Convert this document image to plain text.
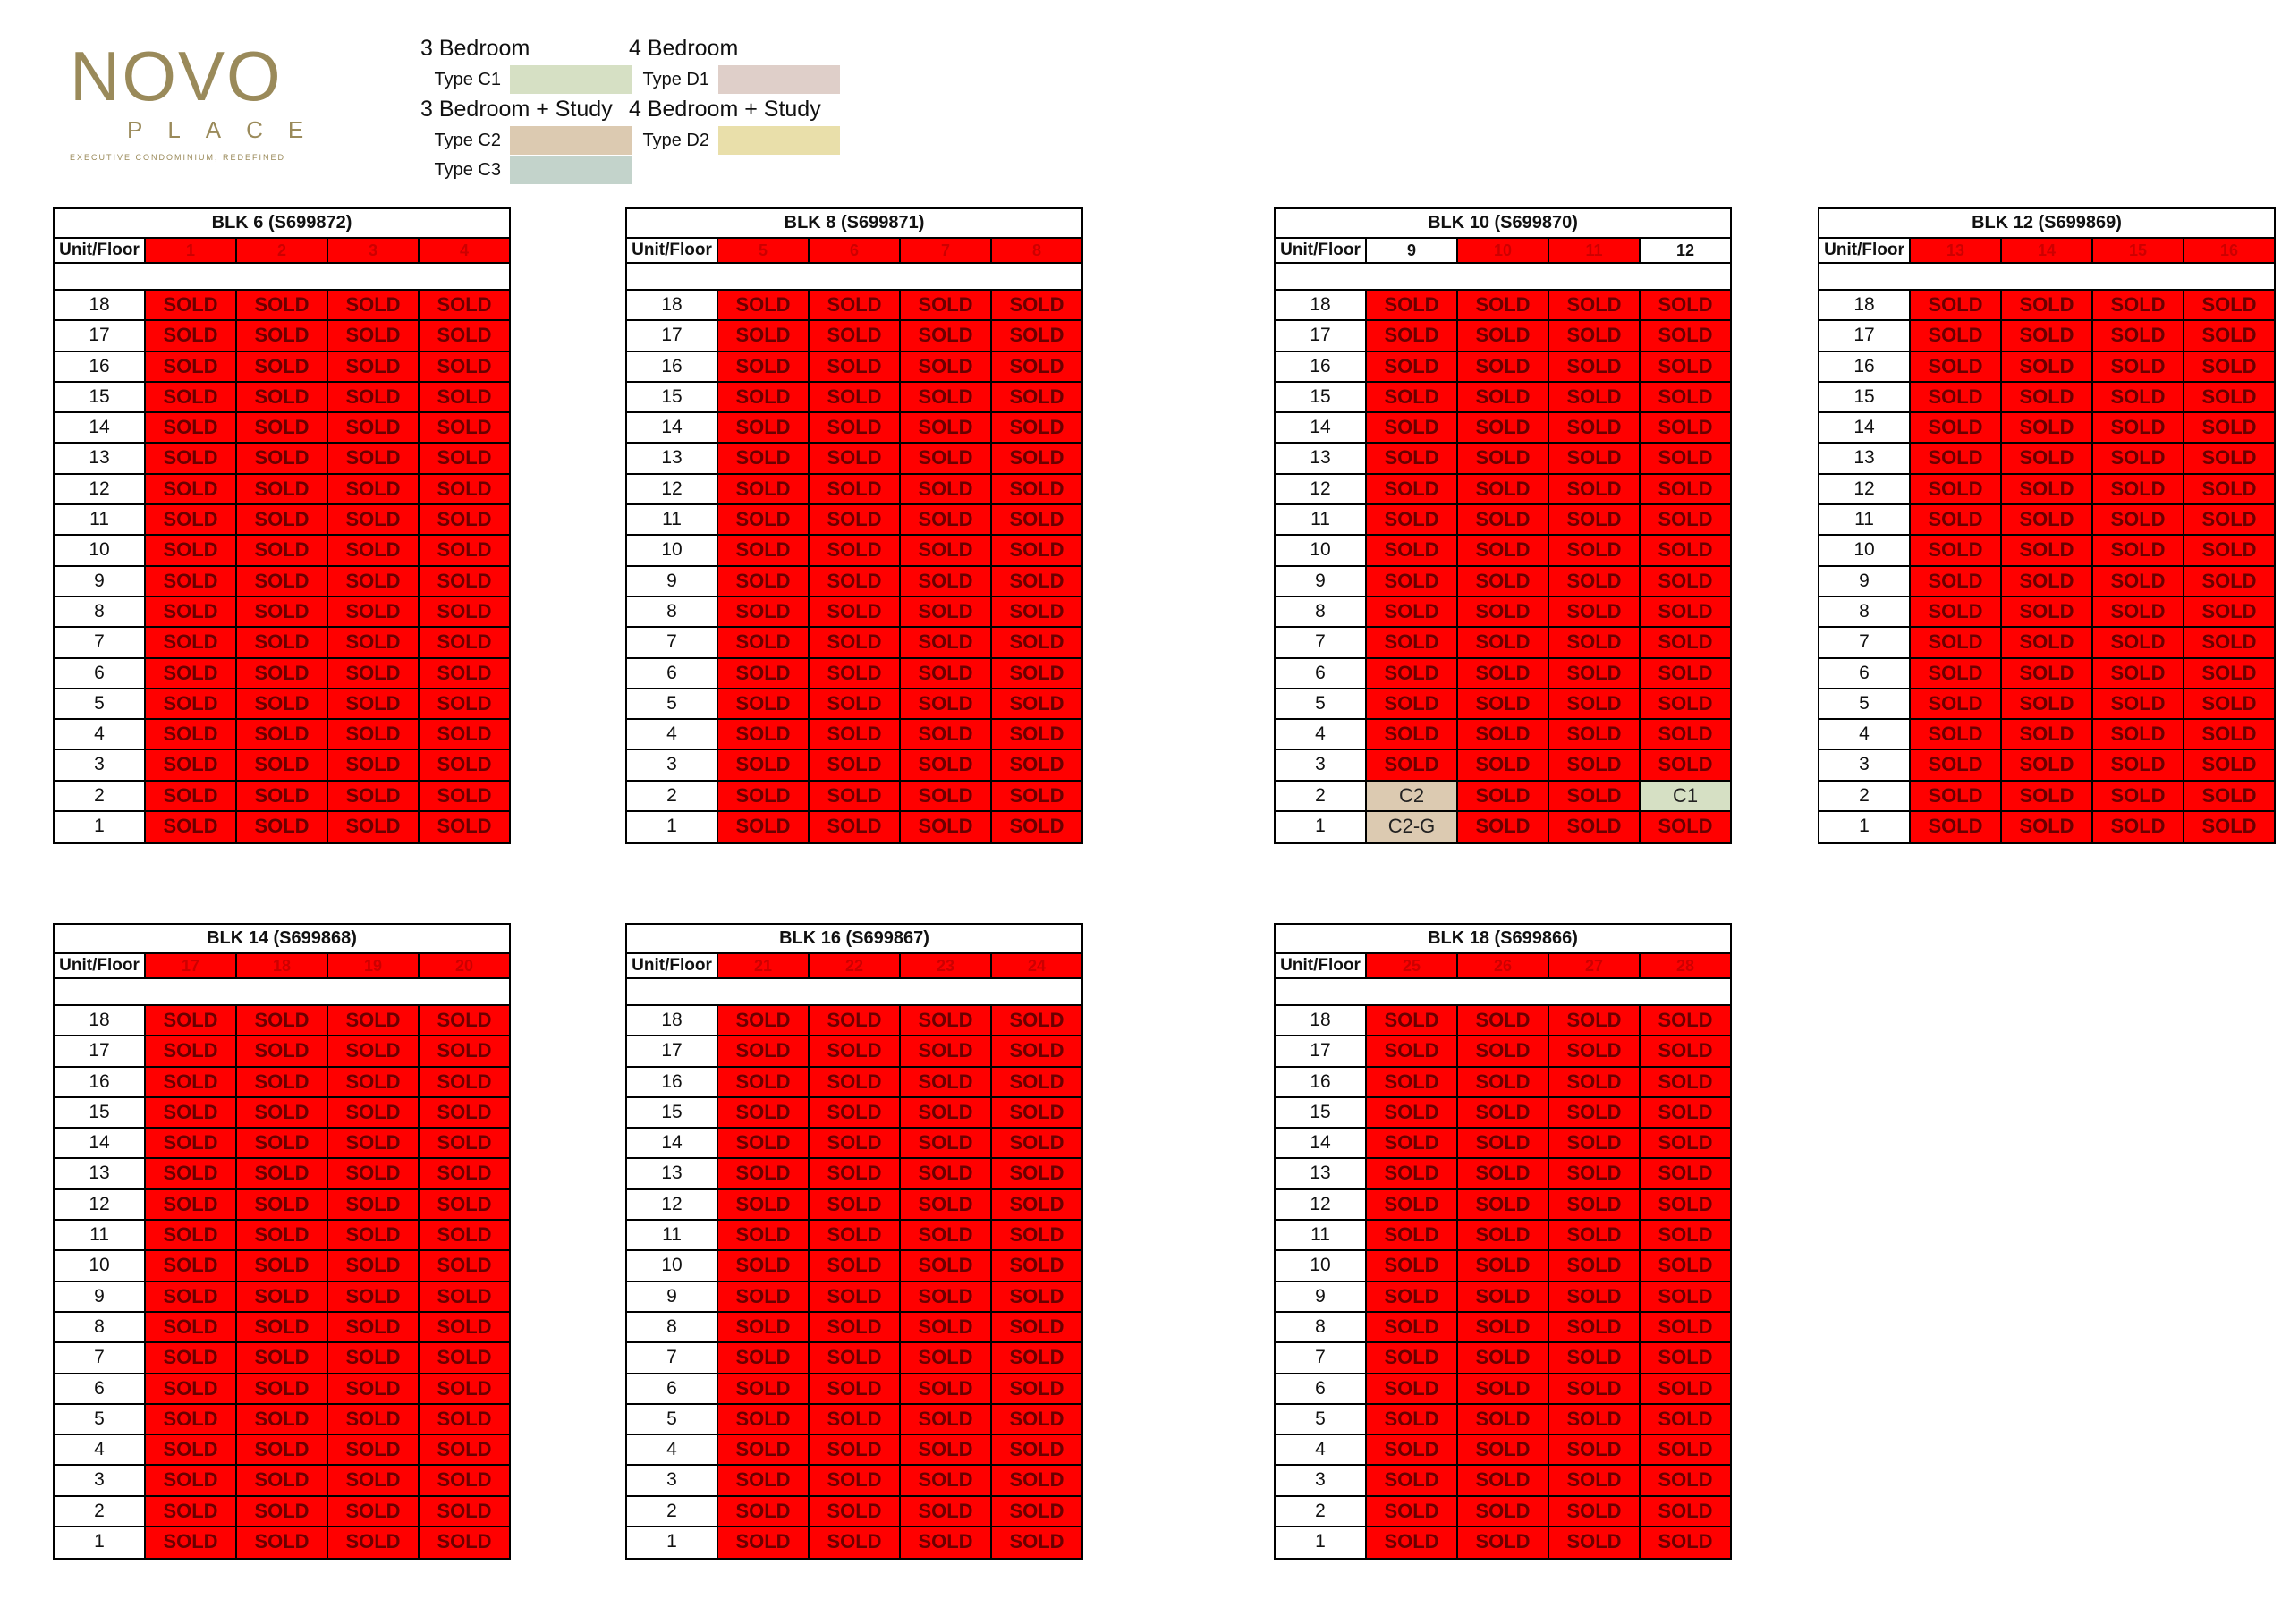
NOVO
PLACE
EXECUTIVE CONDOMINIUM, REDEFINED
3 Bedroom
Type C1
4 Bedroom
Type D1
3 Bedroom + Study
Type C2
Type C3
4 Bedroom + Study
Type D2
BLK 6 (S699872)
Unit/Floor	1	2	3	4
18	SOLD	SOLD	SOLD	SOLD
17	SOLD	SOLD	SOLD	SOLD
16	SOLD	SOLD	SOLD	SOLD
15	SOLD	SOLD	SOLD	SOLD
14	SOLD	SOLD	SOLD	SOLD
13	SOLD	SOLD	SOLD	SOLD
12	SOLD	SOLD	SOLD	SOLD
11	SOLD	SOLD	SOLD	SOLD
10	SOLD	SOLD	SOLD	SOLD
9	SOLD	SOLD	SOLD	SOLD
8	SOLD	SOLD	SOLD	SOLD
7	SOLD	SOLD	SOLD	SOLD
6	SOLD	SOLD	SOLD	SOLD
5	SOLD	SOLD	SOLD	SOLD
4	SOLD	SOLD	SOLD	SOLD
3	SOLD	SOLD	SOLD	SOLD
2	SOLD	SOLD	SOLD	SOLD
1	SOLD	SOLD	SOLD	SOLD
BLK 8 (S699871)
Unit/Floor	5	6	7	8
18	SOLD	SOLD	SOLD	SOLD
17	SOLD	SOLD	SOLD	SOLD
16	SOLD	SOLD	SOLD	SOLD
15	SOLD	SOLD	SOLD	SOLD
14	SOLD	SOLD	SOLD	SOLD
13	SOLD	SOLD	SOLD	SOLD
12	SOLD	SOLD	SOLD	SOLD
11	SOLD	SOLD	SOLD	SOLD
10	SOLD	SOLD	SOLD	SOLD
9	SOLD	SOLD	SOLD	SOLD
8	SOLD	SOLD	SOLD	SOLD
7	SOLD	SOLD	SOLD	SOLD
6	SOLD	SOLD	SOLD	SOLD
5	SOLD	SOLD	SOLD	SOLD
4	SOLD	SOLD	SOLD	SOLD
3	SOLD	SOLD	SOLD	SOLD
2	SOLD	SOLD	SOLD	SOLD
1	SOLD	SOLD	SOLD	SOLD
BLK 10 (S699870)
Unit/Floor	9	10	11	12
18	SOLD	SOLD	SOLD	SOLD
17	SOLD	SOLD	SOLD	SOLD
16	SOLD	SOLD	SOLD	SOLD
15	SOLD	SOLD	SOLD	SOLD
14	SOLD	SOLD	SOLD	SOLD
13	SOLD	SOLD	SOLD	SOLD
12	SOLD	SOLD	SOLD	SOLD
11	SOLD	SOLD	SOLD	SOLD
10	SOLD	SOLD	SOLD	SOLD
9	SOLD	SOLD	SOLD	SOLD
8	SOLD	SOLD	SOLD	SOLD
7	SOLD	SOLD	SOLD	SOLD
6	SOLD	SOLD	SOLD	SOLD
5	SOLD	SOLD	SOLD	SOLD
4	SOLD	SOLD	SOLD	SOLD
3	SOLD	SOLD	SOLD	SOLD
2	C2	SOLD	SOLD	C1
1	C2-G	SOLD	SOLD	SOLD
BLK 12 (S699869)
Unit/Floor	13	14	15	16
18	SOLD	SOLD	SOLD	SOLD
17	SOLD	SOLD	SOLD	SOLD
16	SOLD	SOLD	SOLD	SOLD
15	SOLD	SOLD	SOLD	SOLD
14	SOLD	SOLD	SOLD	SOLD
13	SOLD	SOLD	SOLD	SOLD
12	SOLD	SOLD	SOLD	SOLD
11	SOLD	SOLD	SOLD	SOLD
10	SOLD	SOLD	SOLD	SOLD
9	SOLD	SOLD	SOLD	SOLD
8	SOLD	SOLD	SOLD	SOLD
7	SOLD	SOLD	SOLD	SOLD
6	SOLD	SOLD	SOLD	SOLD
5	SOLD	SOLD	SOLD	SOLD
4	SOLD	SOLD	SOLD	SOLD
3	SOLD	SOLD	SOLD	SOLD
2	SOLD	SOLD	SOLD	SOLD
1	SOLD	SOLD	SOLD	SOLD
BLK 14 (S699868)
Unit/Floor	17	18	19	20
18	SOLD	SOLD	SOLD	SOLD
17	SOLD	SOLD	SOLD	SOLD
16	SOLD	SOLD	SOLD	SOLD
15	SOLD	SOLD	SOLD	SOLD
14	SOLD	SOLD	SOLD	SOLD
13	SOLD	SOLD	SOLD	SOLD
12	SOLD	SOLD	SOLD	SOLD
11	SOLD	SOLD	SOLD	SOLD
10	SOLD	SOLD	SOLD	SOLD
9	SOLD	SOLD	SOLD	SOLD
8	SOLD	SOLD	SOLD	SOLD
7	SOLD	SOLD	SOLD	SOLD
6	SOLD	SOLD	SOLD	SOLD
5	SOLD	SOLD	SOLD	SOLD
4	SOLD	SOLD	SOLD	SOLD
3	SOLD	SOLD	SOLD	SOLD
2	SOLD	SOLD	SOLD	SOLD
1	SOLD	SOLD	SOLD	SOLD
BLK 16 (S699867)
Unit/Floor	21	22	23	24
18	SOLD	SOLD	SOLD	SOLD
17	SOLD	SOLD	SOLD	SOLD
16	SOLD	SOLD	SOLD	SOLD
15	SOLD	SOLD	SOLD	SOLD
14	SOLD	SOLD	SOLD	SOLD
13	SOLD	SOLD	SOLD	SOLD
12	SOLD	SOLD	SOLD	SOLD
11	SOLD	SOLD	SOLD	SOLD
10	SOLD	SOLD	SOLD	SOLD
9	SOLD	SOLD	SOLD	SOLD
8	SOLD	SOLD	SOLD	SOLD
7	SOLD	SOLD	SOLD	SOLD
6	SOLD	SOLD	SOLD	SOLD
5	SOLD	SOLD	SOLD	SOLD
4	SOLD	SOLD	SOLD	SOLD
3	SOLD	SOLD	SOLD	SOLD
2	SOLD	SOLD	SOLD	SOLD
1	SOLD	SOLD	SOLD	SOLD
BLK 18 (S699866)
Unit/Floor	25	26	27	28
18	SOLD	SOLD	SOLD	SOLD
17	SOLD	SOLD	SOLD	SOLD
16	SOLD	SOLD	SOLD	SOLD
15	SOLD	SOLD	SOLD	SOLD
14	SOLD	SOLD	SOLD	SOLD
13	SOLD	SOLD	SOLD	SOLD
12	SOLD	SOLD	SOLD	SOLD
11	SOLD	SOLD	SOLD	SOLD
10	SOLD	SOLD	SOLD	SOLD
9	SOLD	SOLD	SOLD	SOLD
8	SOLD	SOLD	SOLD	SOLD
7	SOLD	SOLD	SOLD	SOLD
6	SOLD	SOLD	SOLD	SOLD
5	SOLD	SOLD	SOLD	SOLD
4	SOLD	SOLD	SOLD	SOLD
3	SOLD	SOLD	SOLD	SOLD
2	SOLD	SOLD	SOLD	SOLD
1	SOLD	SOLD	SOLD	SOLD
